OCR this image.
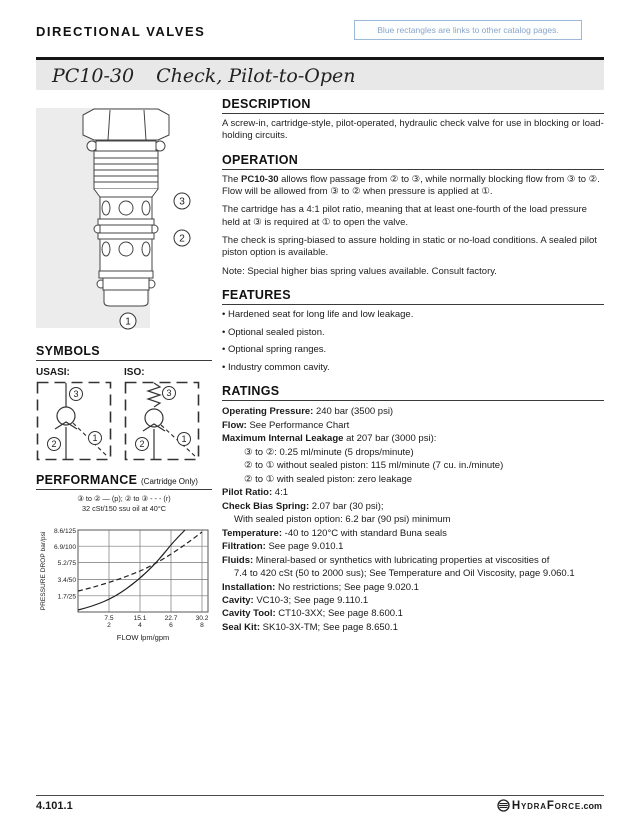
DIRECTIONAL VALVES	Blue rectangles are links to other catalog pages.
PC10-30 Check, Pilot-to-Open
3
2
1
SYMBOLS
USASI:	ISO:
3
2
1
3
2	1
PERFORMANCE (Cartridge Only)
③ to ② — (p); ② to ③ - - - (r)
32 cSt/150 ssu oil at 40°C
8.6/125
6.9/100
5.2/75
3.4/50
1.7/25
7.5
2
15.1
4
22.7
6
30.2
8
FLOW lpm/gpm
PRESSURE DROP bar/psi
DESCRIPTION

A screw-in, cartridge-style, pilot-operated, hydraulic check valve for use in blocking or load-holding circuits.

OPERATION

The PC10-30 allows flow passage from ② to ③, while normally blocking flow from ③ to ②. Flow will be allowed from ③ to ② when pressure is applied at ①.

The cartridge has a 4:1 pilot ratio, meaning that at least one-fourth of the load pressure held at ③ is required at ① to open the valve.

The check is spring-biased to assure holding in static or no-load conditions. A sealed pilot piston option is available.

Note: Special higher bias spring values available. Consult factory.

FEATURES
• Hardened seat for long life and low leakage.
• Optional sealed piston.
• Optional spring ranges.
• Industry common cavity.
RATINGS
Operating Pressure: 240 bar (3500 psi)
Flow: See Performance Chart
Maximum Internal Leakage at 207 bar (3000 psi):
③ to ②: 0.25 ml/minute (5 drops/minute)
② to ① without sealed piston: 115 ml/minute (7 cu. in./minute)
② to ① with sealed piston: zero leakage
Pilot Ratio: 4:1
Check Bias Spring: 2.07 bar (30 psi);
With sealed piston option: 6.2 bar (90 psi) minimum
Temperature: -40 to 120°C with standard Buna seals
Filtration: See page 9.010.1
Fluids: Mineral-based or synthetics with lubricating properties at viscosities of
7.4 to 420 cSt (50 to 2000 sus); See Temperature and Oil Viscosity, page 9.060.1
Installation: No restrictions; See page 9.020.1
Cavity: VC10-3; See page 9.110.1
Cavity Tool: CT10-3XX; See page 8.600.1
Seal Kit: SK10-3X-TM; See page 8.650.1
4.101.1	HydraForce .com
